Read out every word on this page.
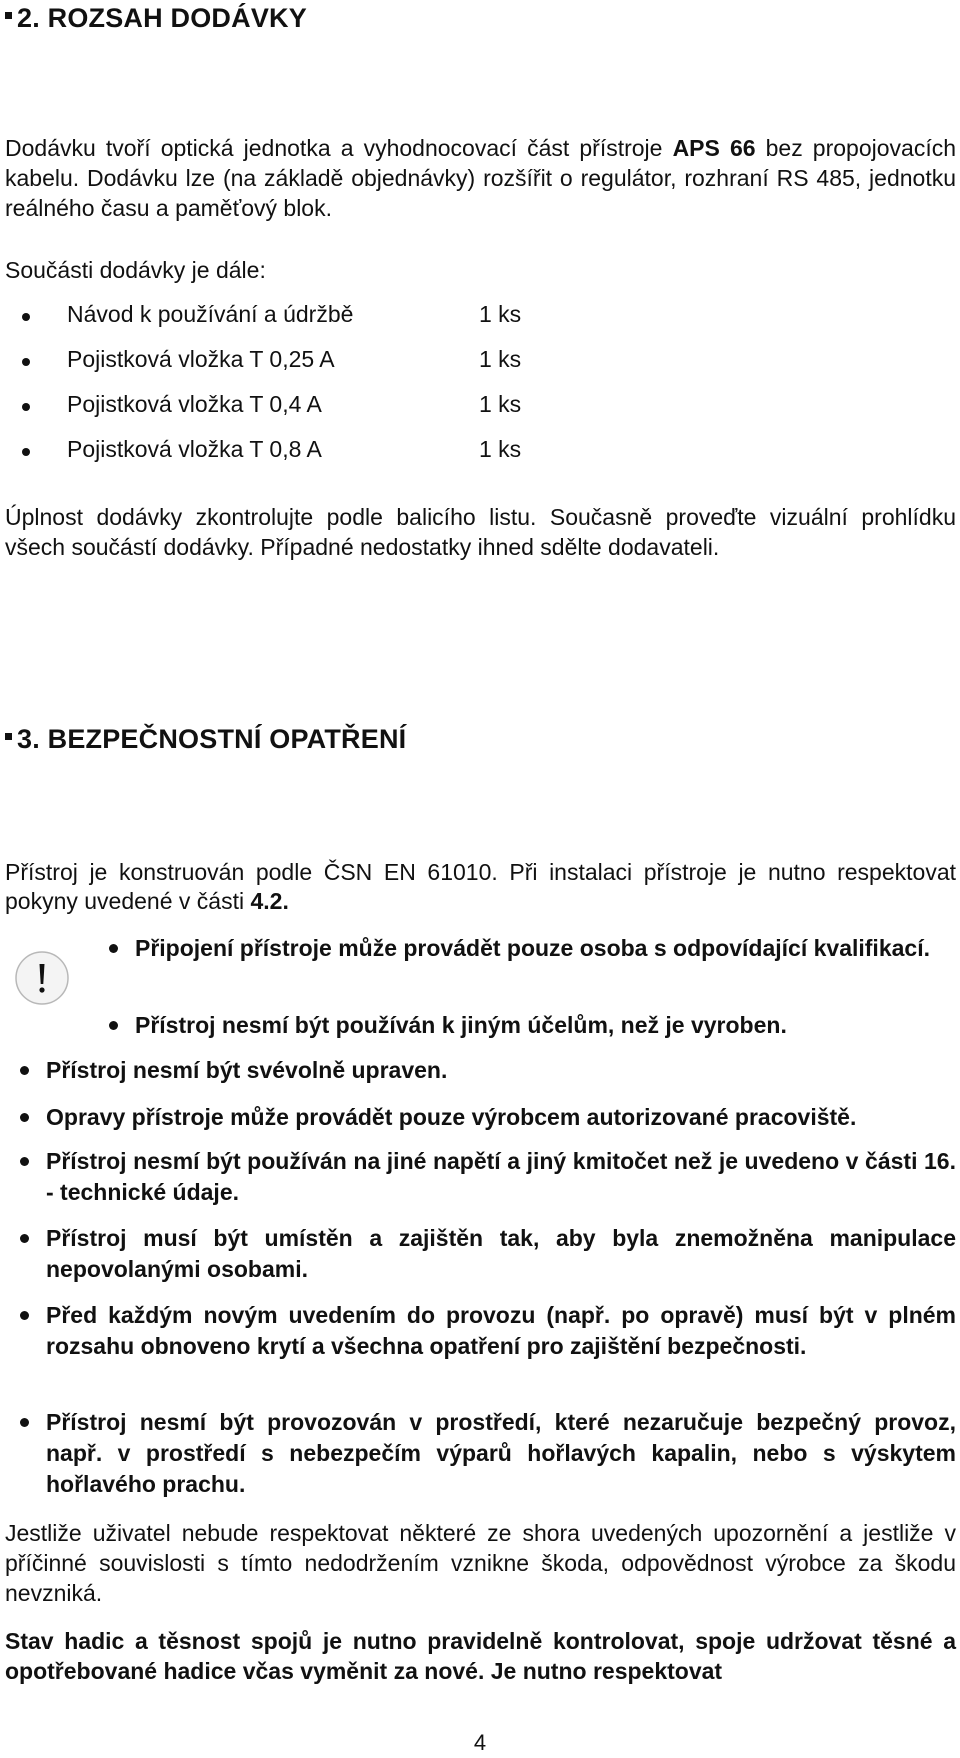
2. ROZSAH DODÁVKY
Dodávku tvoří optická jednotka a vyhodnocovací část přístroje APS 66 bez propojovacích kabelu. Dodávku lze (na základě objednávky) rozšířit o regulátor, rozhraní RS 485, jednotku reálného času a paměťový blok.
Součásti dodávky je dále:
Návod k používání a údržbě	1 ks
Pojistková vložka T 0,25 A	1 ks
Pojistková vložka T 0,4 A	1 ks
Pojistková vložka T 0,8 A	1 ks
Úplnost dodávky zkontrolujte podle balicího listu. Současně proveďte vizuální prohlídku všech součástí dodávky. Případné nedostatky ihned sdělte dodavateli.
3. BEZPEČNOSTNÍ OPATŘENÍ
Přístroj je konstruován podle ČSN EN 61010. Při instalaci přístroje je nutno respektovat pokyny uvedené v části 4.2.
Připojení přístroje může provádět pouze osoba s odpovídající kvalifikací.
Přístroj nesmí být používán k jiným účelům, než je vyroben.
Přístroj nesmí být svévolně upraven.
Opravy přístroje může provádět pouze výrobcem autorizované pracoviště.
Přístroj nesmí být používán na jiné napětí a jiný kmitočet než je uvedeno v části 16. - technické údaje.
Přístroj musí být umístěn a zajištěn tak, aby byla znemožněna manipulace nepovolanými osobami.
Před každým novým uvedením do provozu (např. po opravě) musí být v plném rozsahu obnoveno krytí a všechna opatření pro zajištění bezpečnosti.
Přístroj nesmí být provozován v prostředí, které nezaručuje bezpečný provoz, např. v prostředí s nebezpečím výparů hořlavých kapalin, nebo s výskytem hořlavého prachu.
Jestliže uživatel nebude respektovat některé ze shora uvedených upozornění a jestliže v příčinné souvislosti s tímto nedodržením vznikne škoda, odpovědnost výrobce za škodu nevzniká.
Stav hadic a těsnost spojů je nutno pravidelně kontrolovat, spoje udržovat těsné a opotřebované hadice včas vyměnit za nové. Je nutno respektovat
4
